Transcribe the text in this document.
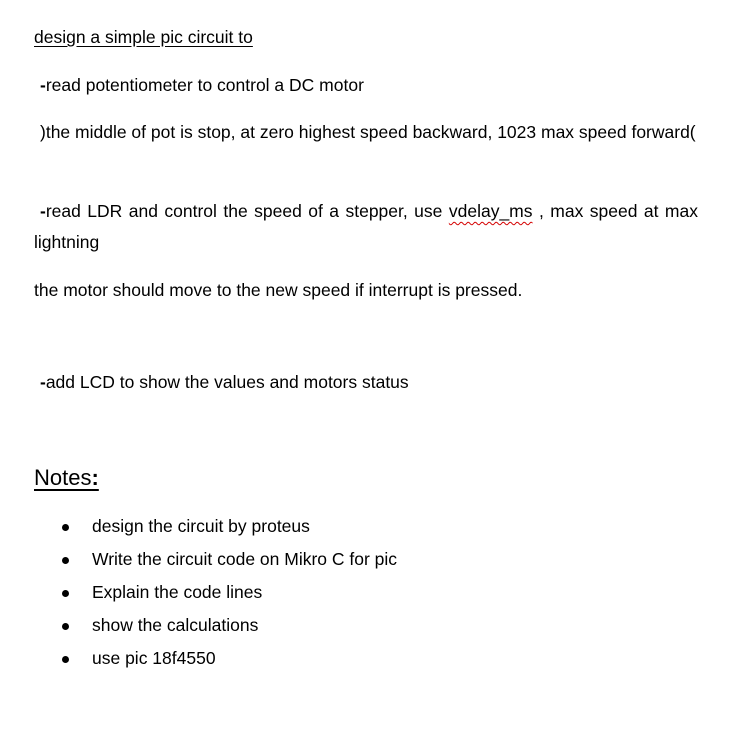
design a simple pic circuit to
-read potentiometer to control a DC motor
)the middle of pot is stop, at zero highest speed backward, 1023 max speed forward(
-read LDR and control the speed of a stepper, use vdelay_ms , max speed at max lightning
the motor should move to the new speed if interrupt is pressed.
-add LCD to show the values and motors status
Notes:
design the circuit by proteus
Write the circuit code on Mikro C for pic
Explain the code lines
show the calculations
use pic 18f4550
